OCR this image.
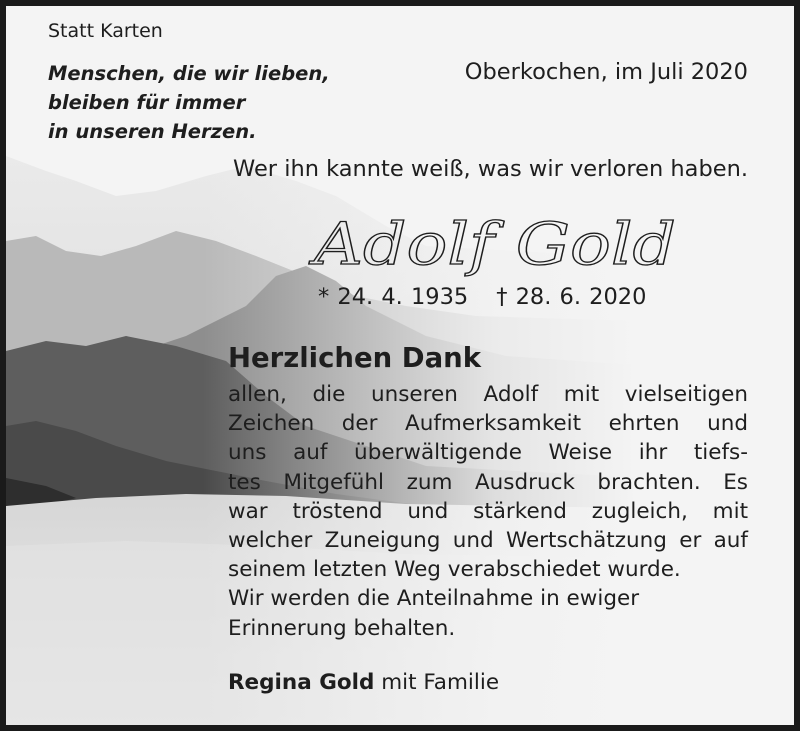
Statt Karten
Menschen, die wir lieben,
bleiben für immer
in unseren Herzen.
Oberkochen, im Juli 2020
Wer ihn kannte weiß, was wir verloren haben.
Adolf Gold
* 24. 4. 1935 † 28. 6. 2020
Herzlichen Dank
allen, die unseren Adolf mit vielseitigen
Zeichen der Aufmerksamkeit ehrten und
uns auf überwältigende Weise ihr tiefs-
tes Mitgefühl zum Ausdruck brachten. Es
war tröstend und stärkend zugleich, mit
welcher Zuneigung und Wertschätzung er auf
seinem letzten Weg verabschiedet wurde.
Wir werden die Anteilnahme in ewiger
Erinnerung behalten.
Regina Gold mit Familie
